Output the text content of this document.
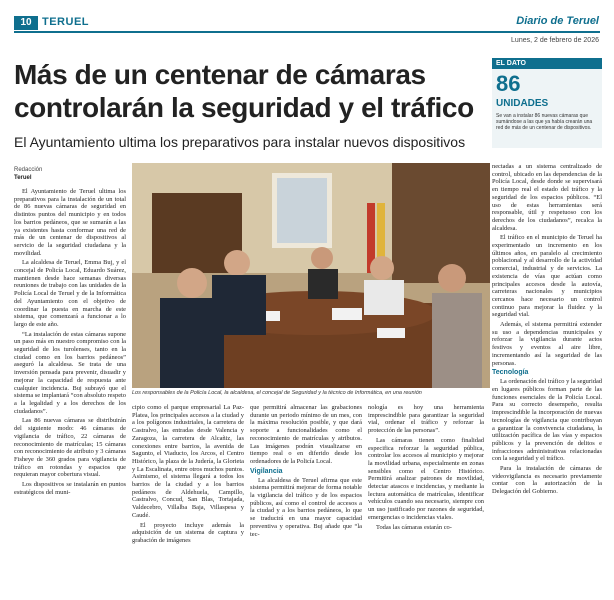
10 TERUEL	Diario de Teruel
Lunes, 2 de febrero de 2026
Más de un centenar de cámaras controlarán la seguridad y el tráfico
El Ayuntamiento ultima los preparativos para instalar nuevos dispositivos
EL DATO
86
UNIDADES
Se van a instalar 86 nuevas cámaras que sumándose a las que ya había crearán una red de más de un centenar de dispositivos.
Redacción
Teruel
Los responsables de la Policía Local, la alcaldesa, el concejal de Seguridad y la técnico de Informática, en una reunión

El Ayuntamiento de Teruel ultima los preparativos para la instalación de un total de 86 nuevas cámaras de seguridad en distintos puntos del municipio y en todos los barrios pedáneos, que se sumarán a las ya existentes hasta conformar una red de más de un centenar de dispositivos al servicio de la seguridad ciudadana y la movilidad.

La alcaldesa de Teruel, Emma Buj, y el concejal de Policía Local, Eduardo Suárez, mantienen desde hace semanas diversas reuniones de trabajo con las unidades de la Policía Local de Teruel y de la Informática del Ayuntamiento con el objetivo de coordinar la puesta en marcha de este sistema, que comenzará a funcionar a lo largo de este año.

“La instalación de estas cámaras supone un paso más en nuestro compromiso con la seguridad de los turolenses, tanto en la ciudad como en los barrios pedáneos” aseguró la alcaldesa. Se trata de una inversión pensada para prevenir, disuadir y mejorar la capacidad de respuesta ante cualquier incidencia. Buj subrayó que el sistema se implantará “con absoluto respeto a la legalidad y a los derechos de los ciudadanos”.

Las 86 nuevas cámaras se distribuirán del siguiente modo: 46 cámaras de vigilancia de tráfico, 22 cámaras de reconocimiento de matrículas; 15 cámaras con reconocimiento de atributo y 3 cámaras Fisheye de 360 grados para vigilancia de tráfico en rotondas y espacios que requieran mayor cobertura visual.

Los dispositivos se instalarán en puntos estratégicos del muni-

cipio como el parque empresarial La Paz-Platea, los principales accesos a la ciudad y a los polígonos industriales, la carretera de Castralvo, las entradas desde Valencia y Zaragoza, la carretera de Alcañiz, las conexiones entre barrios, la avenida de Sagunto, el Viaducto, los Arcos, el Centro Histórico, la plaza de la Judería, la Glorieta y La Escalinata, entre otros muchos puntos. Asimismo, el sistema llegará a todos los barrios de la ciudad y a los barrios pedáneos de Aldehuela, Campillo, Castralvo, Concud, San Blas, Tortajada, Valdecebro, Villalba Baja, Villaspesa y Caudé.

El proyecto incluye además la adquisición de un sistema de captura y grabación de imágenes

que permitirá almacenar las grabaciones durante un periodo mínimo de un mes, con la máxima resolución posible, y que dará soporte a funcionalidades como el reconocimiento de matrículas y atributos. Las imágenes podrán visualizarse en tiempo real o en diferido desde los ordenadores de la Policía Local.

Vigilancia

La alcaldesa de Teruel afirma que este sistema permitirá mejorar de forma notable la vigilancia del tráfico y de los espacios públicos, así como el control de accesos a la ciudad y a los barrios pedáneos, lo que se traducirá en una mayor capacidad preventiva y operativa. Buj añade que “la tec-

nología es hoy una herramienta imprescindible para garantizar la seguridad vial, ordenar el tráfico y reforzar la protección de las personas”.

Las cámaras tienen como finalidad especifica reforzar la seguridad pública, controlar los accesos al municipio y mejorar la movilidad urbana, especialmente en zonas sensibles como el Centro Histórico. Permitirá analizar patrones de movilidad, detectar atascos e incidencias, y mediante la lectura automática de matrículas, identificar vehículos cuando sea necesario, siempre con un uso justificado por razones de seguridad, emergencias o incidencias viales.

Todas las cámaras estarán co-

nectadas a un sistema centralizado de control, ubicado en las dependencias de la Policía Local, desde donde se supervisará en tiempo real el estado del tráfico y la seguridad de los espacios públicos. “El uso de estas herramientas será responsable, útil y respetuoso con los derechos de los ciudadanos”, recalca la alcaldesa.

El tráfico en el municipio de Teruel ha experimentado un incremento en los últimos años, en paralelo al crecimiento poblacional y al desarrollo de la actividad comercial, industrial y de servicios. La existencia de vías que actúan como principales accesos desde la autovía, carreteras nacionales y municipios cercanos hace necesario un control continuo para mejorar la fluidez y la seguridad vial.

Además, el sistema permitirá extender su uso a dependencias municipales y reforzar la vigilancia durante actos festivos y eventos al aire libre, incrementando así la seguridad de las personas.

Tecnología

La ordenación del tráfico y la seguridad en lugares públicos forman parte de las funciones esenciales de la Policía Local. Para su correcto desempeño, resulta imprescindible la incorporación de nuevas tecnologías de vigilancia que contribuyan a garantizar la convivencia ciudadana, la utilización pacífica de las vías y espacios públicos y la prevención de delitos e infracciones administrativas relacionadas con la seguridad y el tráfico.

Para la instalación de cámaras de videovigilancia es necesario previamente contar con la autorización de la Delegación del Gobierno.
